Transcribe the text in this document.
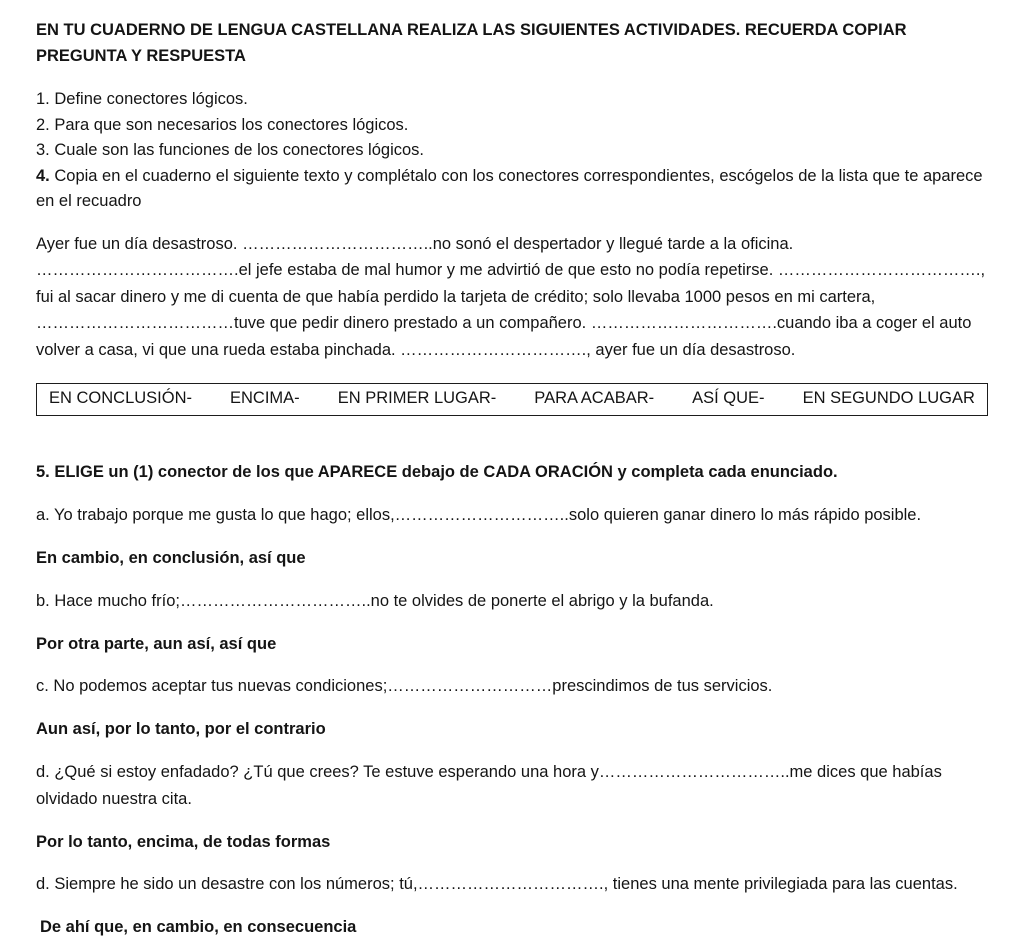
EN TU CUADERNO DE LENGUA CASTELLANA REALIZA LAS SIGUIENTES ACTIVIDADES. RECUERDA COPIAR PREGUNTA Y RESPUESTA

1. Define conectores lógicos.

2. Para que son necesarios los conectores lógicos.

3. Cuale son las funciones de los conectores lógicos.

4. Copia en el cuaderno el siguiente texto y complétalo con los conectores correspondientes, escógelos de la lista que te aparece en el recuadro

Ayer fue un día desastroso. ……………………………..no sonó el despertador y llegué tarde a la oficina. ……………………………….el jefe estaba de mal humor y me advirtió de que esto no podía repetirse. ………………………………., fui al sacar dinero y me di cuenta de que había perdido la tarjeta de crédito; solo llevaba 1000 pesos en mi cartera, ………………………………tuve que pedir dinero prestado a un compañero. …………………………….cuando iba a coger el auto volver a casa, vi que una rueda estaba pinchada. ……………………………., ayer fue un día desastroso.

EN CONCLUSIÓN- ENCIMA- EN PRIMER LUGAR- PARA ACABAR- ASÍ QUE- EN SEGUNDO LUGAR

5. ELIGE un (1) conector de los que APARECE debajo de CADA ORACIÓN y completa cada enunciado.

a. Yo trabajo porque me gusta lo que hago; ellos,…………………………..solo quieren ganar dinero lo más rápido posible.

En cambio, en conclusión, así que

b. Hace mucho frío;……………………………..no te olvides de ponerte el abrigo y la bufanda.

Por otra parte, aun así, así que

c. No podemos aceptar tus nuevas condiciones;…………………………prescindimos de tus servicios.

Aun así, por lo tanto, por el contrario

d. ¿Qué si estoy enfadado? ¿Tú que crees? Te estuve esperando una hora y……………………………..me dices que habías olvidado nuestra cita.

Por lo tanto, encima, de todas formas

d. Siempre he sido un desastre con los números; tú,……………………………., tienes una mente privilegiada para las cuentas.

De ahí que, en cambio, en consecuencia
